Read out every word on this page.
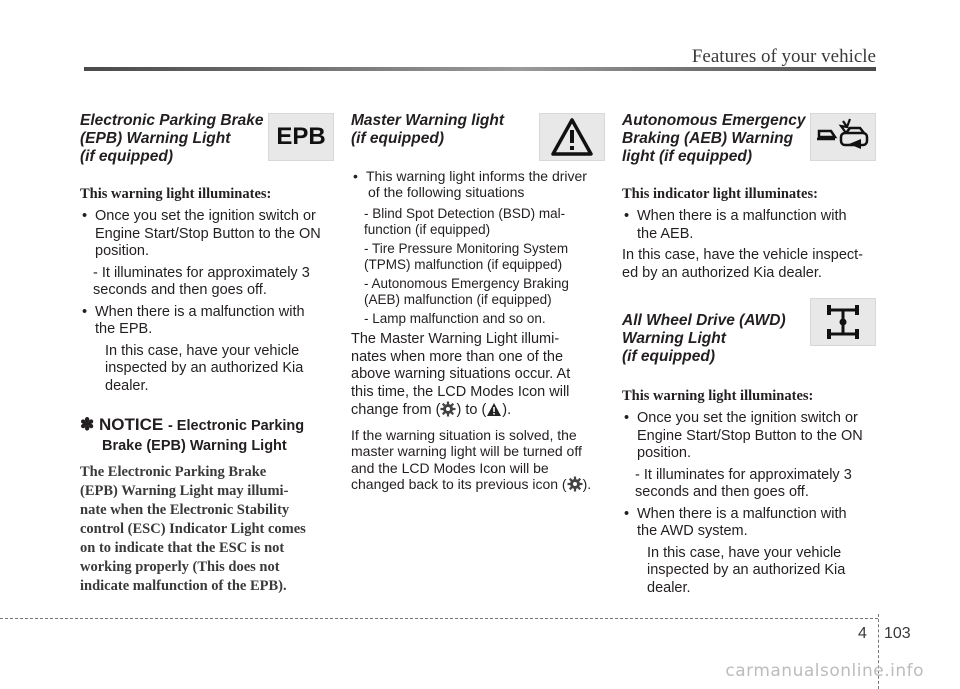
Features of your vehicle
Electronic Parking Brake
(EPB) Warning Light
(if equipped)

This warning light illuminates:

• Once you set the ignition switch or
Engine Start/Stop Button to the ON
position.
- It illuminates for approximately 3
seconds and then goes off.
• When there is a malfunction with
the EPB.
In this case, have your vehicle
inspected by an authorized Kia
dealer.
✽ NOTICE - Electronic Parking
Brake (EPB) Warning Light
The Electronic Parking Brake
(EPB) Warning Light may illumi-
nate when the Electronic Stability
control (ESC) Indicator Light comes
on to indicate that the ESC is not
working properly (This does not
indicate malfunction of the EPB).
EPB
Master Warning light
(if equipped)
• This warning light informs the driver
of the following situations
- Blind Spot Detection (BSD) mal-
function (if equipped)
- Tire Pressure Monitoring System
(TPMS) malfunction (if equipped)
- Autonomous Emergency Braking
(AEB) malfunction (if equipped)
- Lamp malfunction and so on.
The Master Warning Light illumi-
nates when more than one of the
above warning situations occur. At
this time, the LCD Modes Icon will
change from ( ) to ( ).
If the warning situation is solved, the
master warning light will be turned off
and the LCD Modes Icon will be
changed back to its previous icon ( ).
Autonomous Emergency
Braking (AEB) Warning
light (if equipped)

This indicator light illuminates:

• When there is a malfunction with
the AEB.
In this case, have the vehicle inspect-
ed by an authorized Kia dealer.
All Wheel Drive (AWD)
Warning Light
(if equipped)

This warning light illuminates:

• Once you set the ignition switch or
Engine Start/Stop Button to the ON
position.
- It illuminates for approximately 3
seconds and then goes off.
• When there is a malfunction with
the AWD system.
In this case, have your vehicle
inspected by an authorized Kia
dealer.
4 103
carmanualsonline.info
